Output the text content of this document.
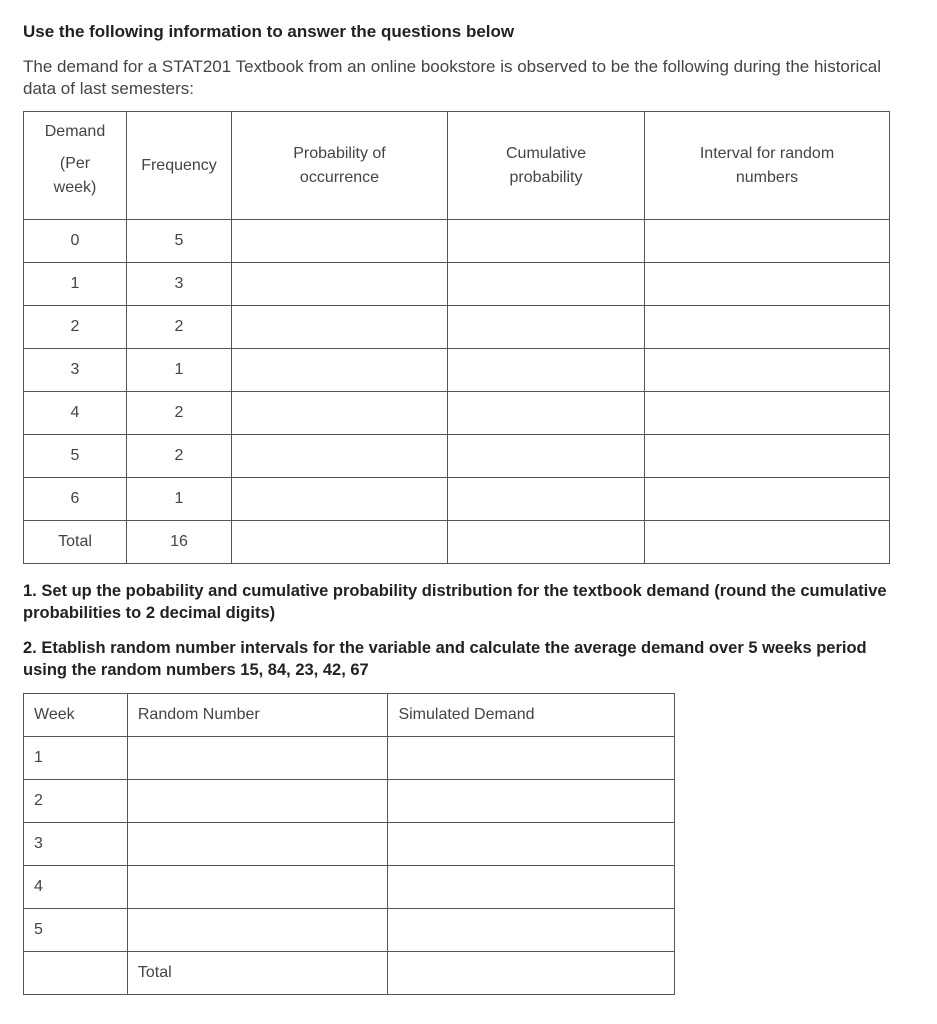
Use the following information to answer the questions below
The demand for a STAT201 Textbook from an online bookstore is observed to be the following during the historical data of last semesters:
Demand
(Per
week)	Frequency	Probability of occurrence	Cumulative probability	Interval for random numbers

0	5			
1	3			
2	2			
3	1			
4	2			
5	2			
6	1			
Total	16			
1. Set up the pobability and cumulative probability distribution for the textbook demand (round the cumulative probabilities to 2 decimal digits)
2. Etablish random number intervals for the variable and calculate the average demand over 5 weeks period using the random numbers 15, 84, 23, 42, 67
Week	Random Number	Simulated Demand
1		
2		
3		
4		
5		
	Total	
